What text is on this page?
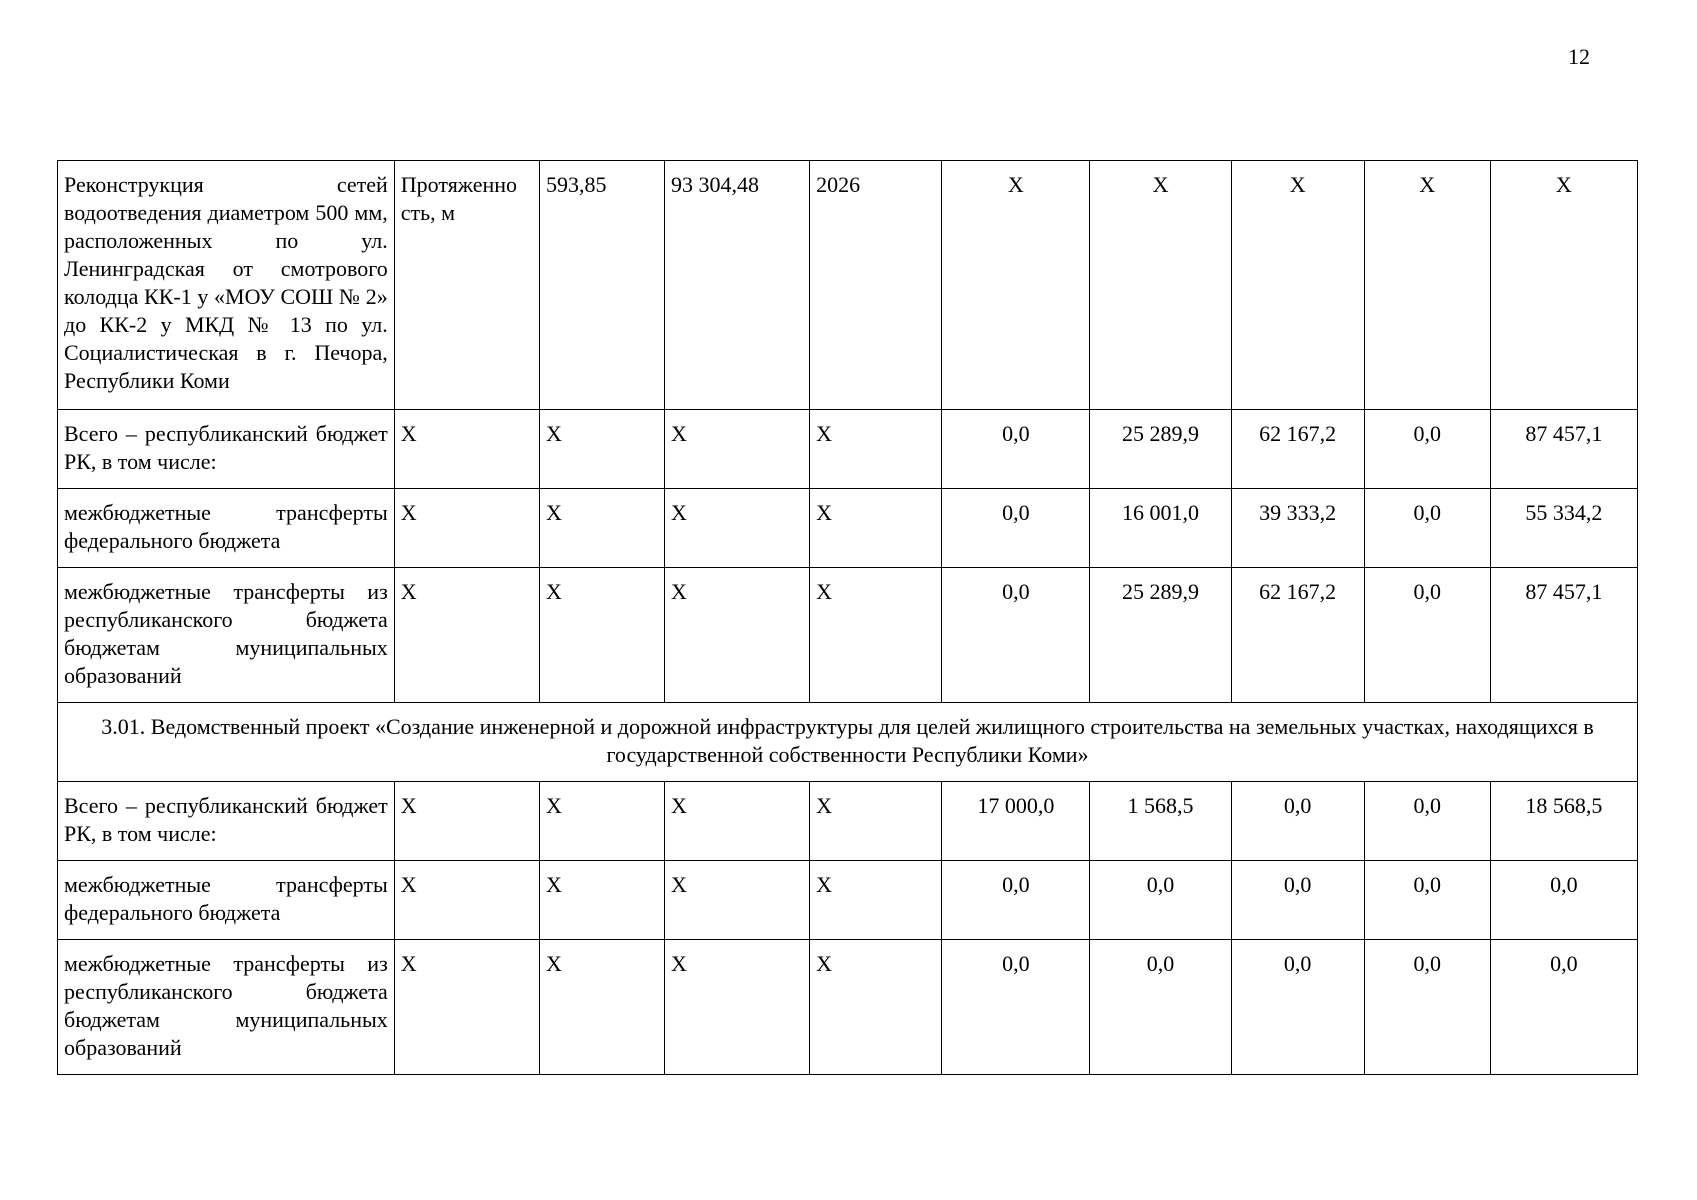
12
Реконструкция сетей водоотведения диаметром 500 мм, расположенных по ул. Ленинградская от смотрового колодца КК-1 у «МОУ СОШ № 2» до КК-2 у МКД № 13 по ул. Социалистическая в г. Печора, Республики Коми	Протяженно сть, м	593,85	93 304,48	2026	X	X	X	X	X
Всего – республиканский бюджет РК, в том числе:	X	X	X	X	0,0	25 289,9	62 167,2	0,0	87 457,1
межбюджетные трансферты федерального бюджета	X	X	X	X	0,0	16 001,0	39 333,2	0,0	55 334,2
межбюджетные трансферты из республиканского бюджета бюджетам муниципальных образований	X	X	X	X	0,0	25 289,9	62 167,2	0,0	87 457,1
3.01. Ведомственный проект «Создание инженерной и дорожной инфраструктуры для целей жилищного строительства на земельных участках, находящихся в государственной собственности Республики Коми»									
Всего – республиканский бюджет РК, в том числе:	X	X	X	X	17 000,0	1 568,5	0,0	0,0	18 568,5
межбюджетные трансферты федерального бюджета	X	X	X	X	0,0	0,0	0,0	0,0	0,0
межбюджетные трансферты из республиканского бюджета бюджетам муниципальных образований	X	X	X	X	0,0	0,0	0,0	0,0	0,0
